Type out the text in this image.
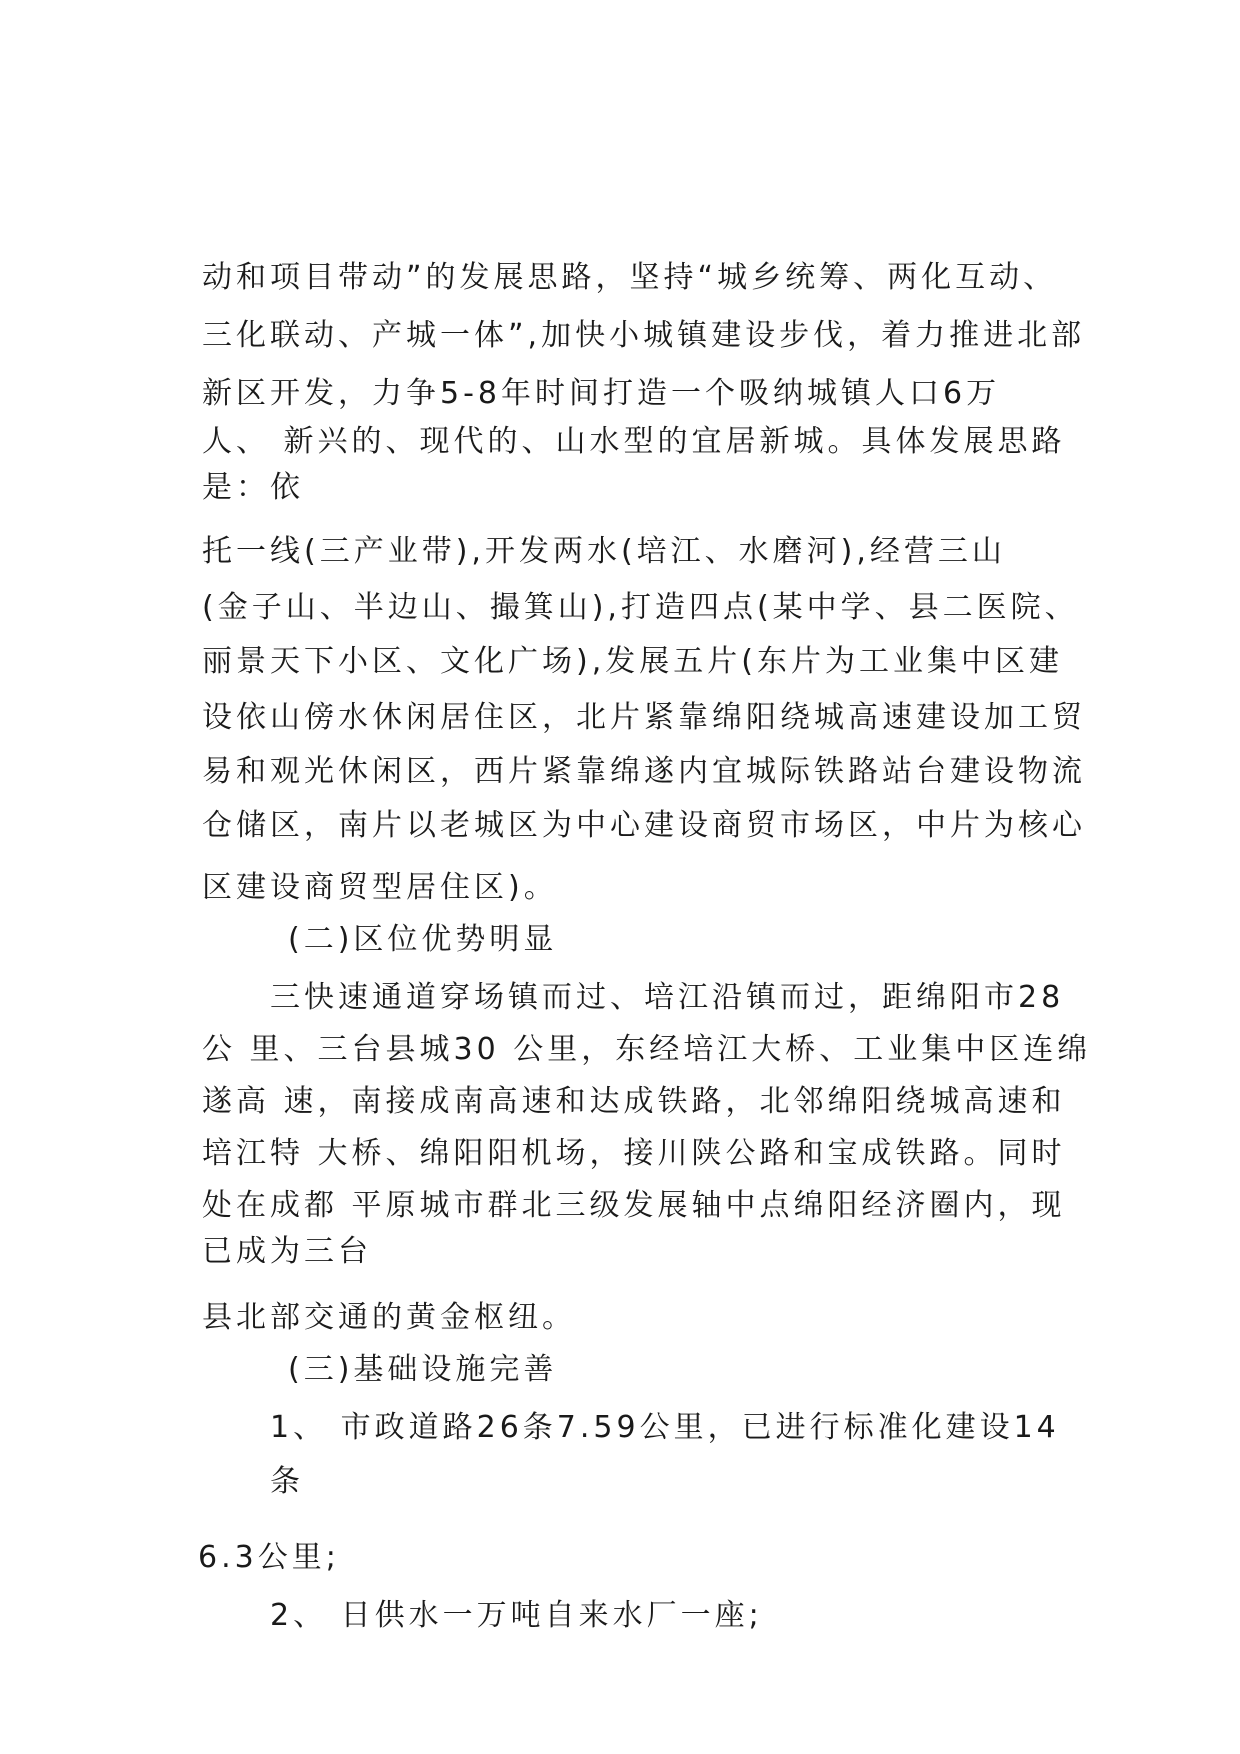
动和项目带动”的发展思路，坚持“城乡统筹、两化互动、
三化联动、产城一体”,加快小城镇建设步伐，着力推进北部
新区开发，力争5-8年时间打造一个吸纳城镇人口6万
人、 新兴的、现代的、山水型的宜居新城。具体发展思路
是：依
托一线(三产业带),开发两水(培江、水磨河),经营三山
(金子山、半边山、撮箕山),打造四点(某中学、县二医院、
丽景天下小区、文化广场),发展五片(东片为工业集中区建
设依山傍水休闲居住区，北片紧靠绵阳绕城高速建设加工贸
易和观光休闲区，西片紧靠绵遂内宜城际铁路站台建设物流
仓储区，南片以老城区为中心建设商贸市场区，中片为核心
区建设商贸型居住区)。
(二)区位优势明显
三快速通道穿场镇而过、培江沿镇而过，距绵阳市28
公 里、三台县城30 公里，东经培江大桥、工业集中区连绵
遂高 速，南接成南高速和达成铁路，北邻绵阳绕城高速和
培江特 大桥、绵阳阳机场，接川陕公路和宝成铁路。同时
处在成都 平原城市群北三级发展轴中点绵阳经济圈内，现
已成为三台
县北部交通的黄金枢纽。
(三)基础设施完善
1、 市政道路26条7.59公里，已进行标准化建设14
条
6.3公里;
2、 日供水一万吨自来水厂一座;
